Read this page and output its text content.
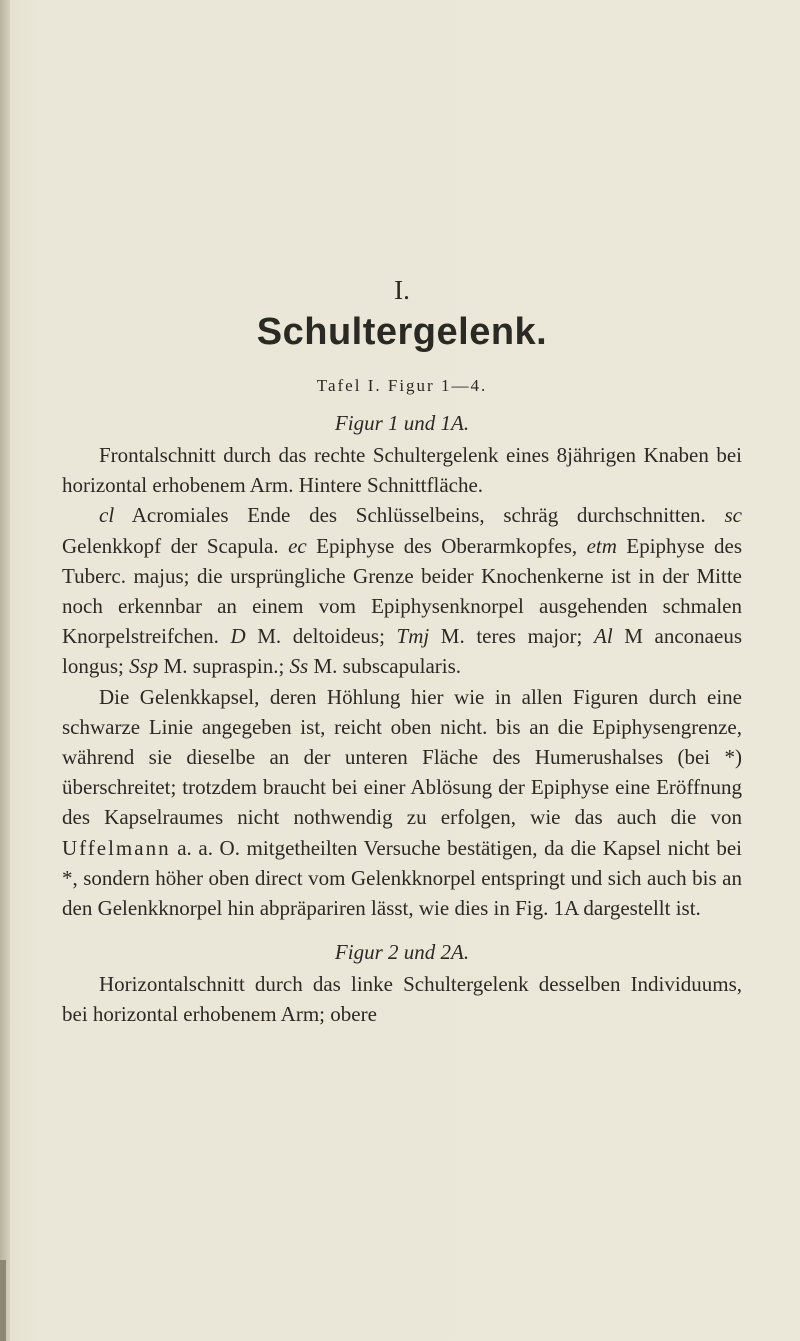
I.

Schultergelenk.
Tafel I. Figur 1—4.
Figur 1 und 1A.

Frontalschnitt durch das rechte Schultergelenk eines 8jährigen Knaben bei horizontal erhobenem Arm. Hintere Schnittfläche.

cl Acromiales Ende des Schlüsselbeins, schräg durchschnitten. sc Gelenkkopf der Scapula. ec Epiphyse des Oberarmkopfes, etm Epiphyse des Tuberc. majus; die ursprüngliche Grenze beider Knochenkerne ist in der Mitte noch erkennbar an einem vom Epiphysenknorpel ausgehenden schmalen Knorpelstreifchen. D M. deltoideus; Tmj M. teres major; Al M anconaeus longus; Ssp M. supraspin.; Ss M. subscapularis.

Die Gelenkkapsel, deren Höhlung hier wie in allen Figuren durch eine schwarze Linie angegeben ist, reicht oben nicht. bis an die Epiphysengrenze, während sie dieselbe an der unteren Fläche des Humerushalses (bei *) überschreitet; trotzdem braucht bei einer Ablösung der Epiphyse eine Eröffnung des Kapselraumes nicht nothwendig zu erfolgen, wie das auch die von Uffelmann a. a. O. mitgetheilten Versuche bestätigen, da die Kapsel nicht bei *, sondern höher oben direct vom Gelenkknorpel entspringt und sich auch bis an den Gelenkknorpel hin abpräpariren lässt, wie dies in Fig. 1A dargestellt ist.

Figur 2 und 2A.

Horizontalschnitt durch das linke Schultergelenk desselben Individuums, bei horizontal erhobenem Arm; obere
